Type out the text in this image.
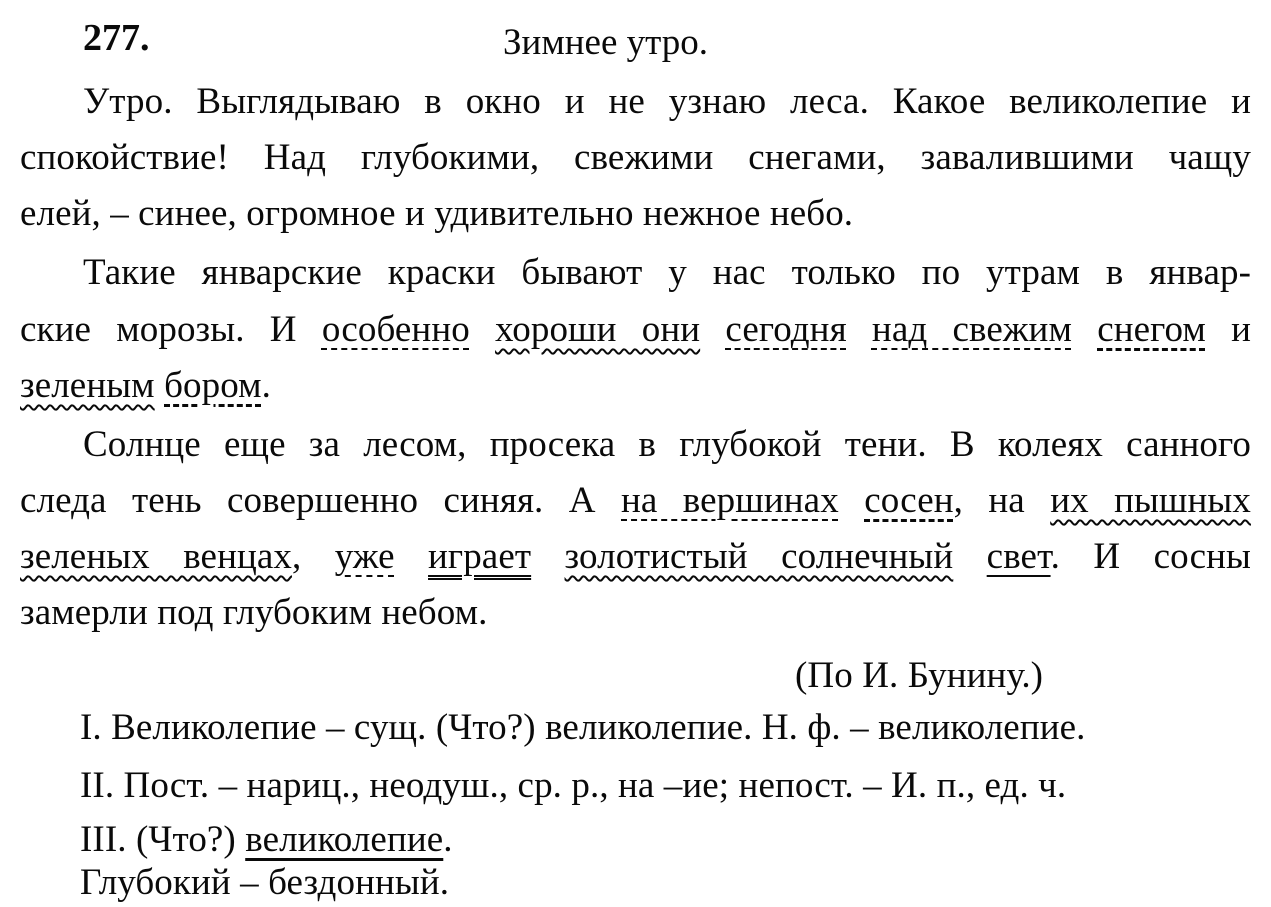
277.	Зимнее утро.
Утро. Выглядываю в окно и не узнаю леса. Какое великолепие и
спокойствие! Над глубокими, свежими снегами, завалившими чащу
елей, – синее, огромное и удивительно нежное небо.
Такие январские краски бывают у нас только по утрам в январ-
ские морозы. И особенно хороши они сегодня над свежим снегом и
зеленым бором.
Солнце еще за лесом, просека в глубокой тени. В колеях санного
следа тень совершенно синяя. А на вершинах сосен, на их пышных
зеленых венцах, уже играет золотистый солнечный свет. И сосны
замерли под глубоким небом.
(По И. Бунину.)
I. Великолепие – сущ. (Что?) великолепие. Н. ф. – великолепие.
II. Пост. – нариц., неодуш., ср. р., на –ие; непост. – И. п., ед. ч.
III. (Что?) великолепие.
Глубокий – бездонный.
